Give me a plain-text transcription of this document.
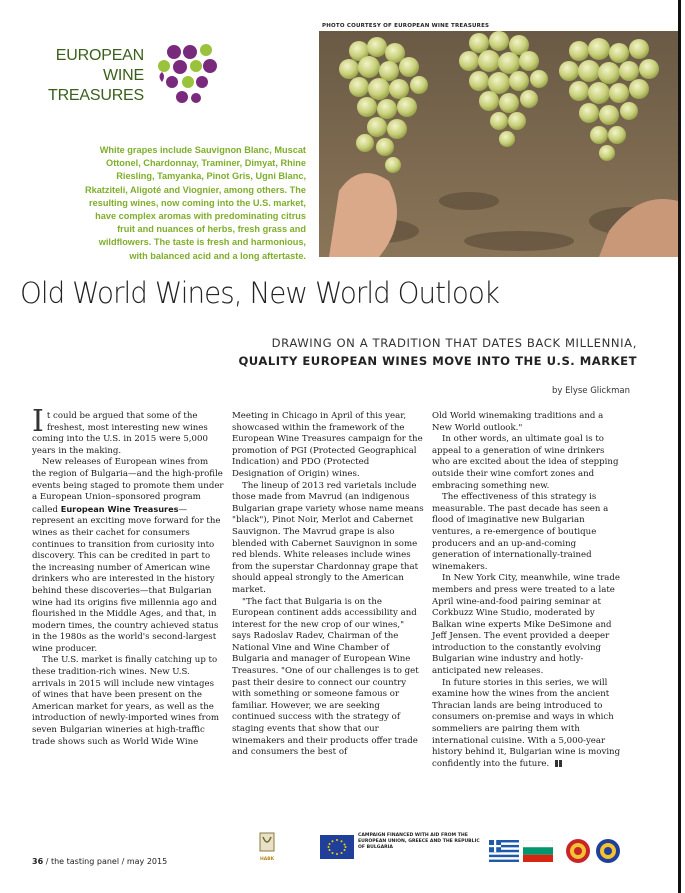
PHOTO COURTESY OF EUROPEAN WINE TREASURES
EUROPEAN
WINE
TREASURES
White grapes include Sauvignon Blanc, Muscat Ottonel, Chardonnay, Traminer, Dimyat, Rhine Riesling, Tamyanka, Pinot Gris, Ugni Blanc, Rkatziteli, Aligoté and Viognier, among others. The resulting wines, now coming into the U.S. market, have complex aromas with predominating citrus fruit and nuances of herbs, fresh grass and wildflowers. The taste is fresh and harmonious, with balanced acid and a long aftertaste.
Old World Wines, New World Outlook
DRAWING ON A TRADITION THAT DATES BACK MILLENNIA,
QUALITY EUROPEAN WINES MOVE INTO THE U.S. MARKET
by Elyse Glickman

It could be argued that some of the freshest, most interesting new wines coming into the U.S. in 2015 were 5,000 years in the making.

New releases of European wines from the region of Bulgaria—and the high-profile events being staged to promote them under a European Union–sponsored program called European Wine Treasures—represent an exciting move forward for the wines as their cachet for consumers continues to transition from curiosity into discovery. This can be credited in part to the increasing number of American wine drinkers who are interested in the history behind these discoveries—that Bulgarian wine had its origins five millennia ago and flourished in the Middle Ages, and that, in modern times, the country achieved status in the 1980s as the world's second-largest wine producer.

The U.S. market is finally catching up to these tradition-rich wines. New U.S. arrivals in 2015 will include new vintages of wines that have been present on the American market for years, as well as the introduction of newly-imported wines from seven Bulgarian wineries at high-traffic trade shows such as World Wide Wine

Meeting in Chicago in April of this year, showcased within the framework of the European Wine Treasures campaign for the promotion of PGI (Protected Geographical Indication) and PDO (Protected Designation of Origin) wines.

The lineup of 2013 red varietals include those made from Mavrud (an indigenous Bulgarian grape variety whose name means "black"), Pinot Noir, Merlot and Cabernet Sauvignon. The Mavrud grape is also blended with Cabernet Sauvignon in some red blends. White releases include wines from the superstar Chardonnay grape that should appeal strongly to the American market.

"The fact that Bulgaria is on the European continent adds accessibility and interest for the new crop of our wines," says Radoslav Radev, Chairman of the National Vine and Wine Chamber of Bulgaria and manager of European Wine Treasures. "One of our challenges is to get past their desire to connect our country with something or someone famous or familiar. However, we are seeking continued success with the strategy of staging events that show that our winemakers and their products offer trade and consumers the best of

Old World winemaking traditions and a New World outlook."

In other words, an ultimate goal is to appeal to a generation of wine drinkers who are excited about the idea of stepping outside their wine comfort zones and embracing something new.

The effectiveness of this strategy is measurable. The past decade has seen a flood of imaginative new Bulgarian ventures, a re-emergence of boutique producers and an up-and-coming generation of internationally-trained winemakers.

In New York City, meanwhile, wine trade members and press were treated to a late April wine-and-food pairing seminar at Corkbuzz Wine Studio, moderated by Balkan wine experts Mike DeSimone and Jeff Jensen. The event provided a deeper introduction to the constantly evolving Bulgarian wine industry and hotly-anticipated new releases.

In future stories in this series, we will examine how the wines from the ancient Thracian lands are being introduced to consumers on-premise and ways in which sommeliers are pairing them with international cuisine. With a 5,000-year history behind it, Bulgarian wine is moving confidently into the future.

36 / the tasting panel / may 2015	HABK
CAMPAIGN FINANCED WITH AID FROM THE EUROPEAN UNION, GREECE AND THE REPUBLIC OF BULGARIA
